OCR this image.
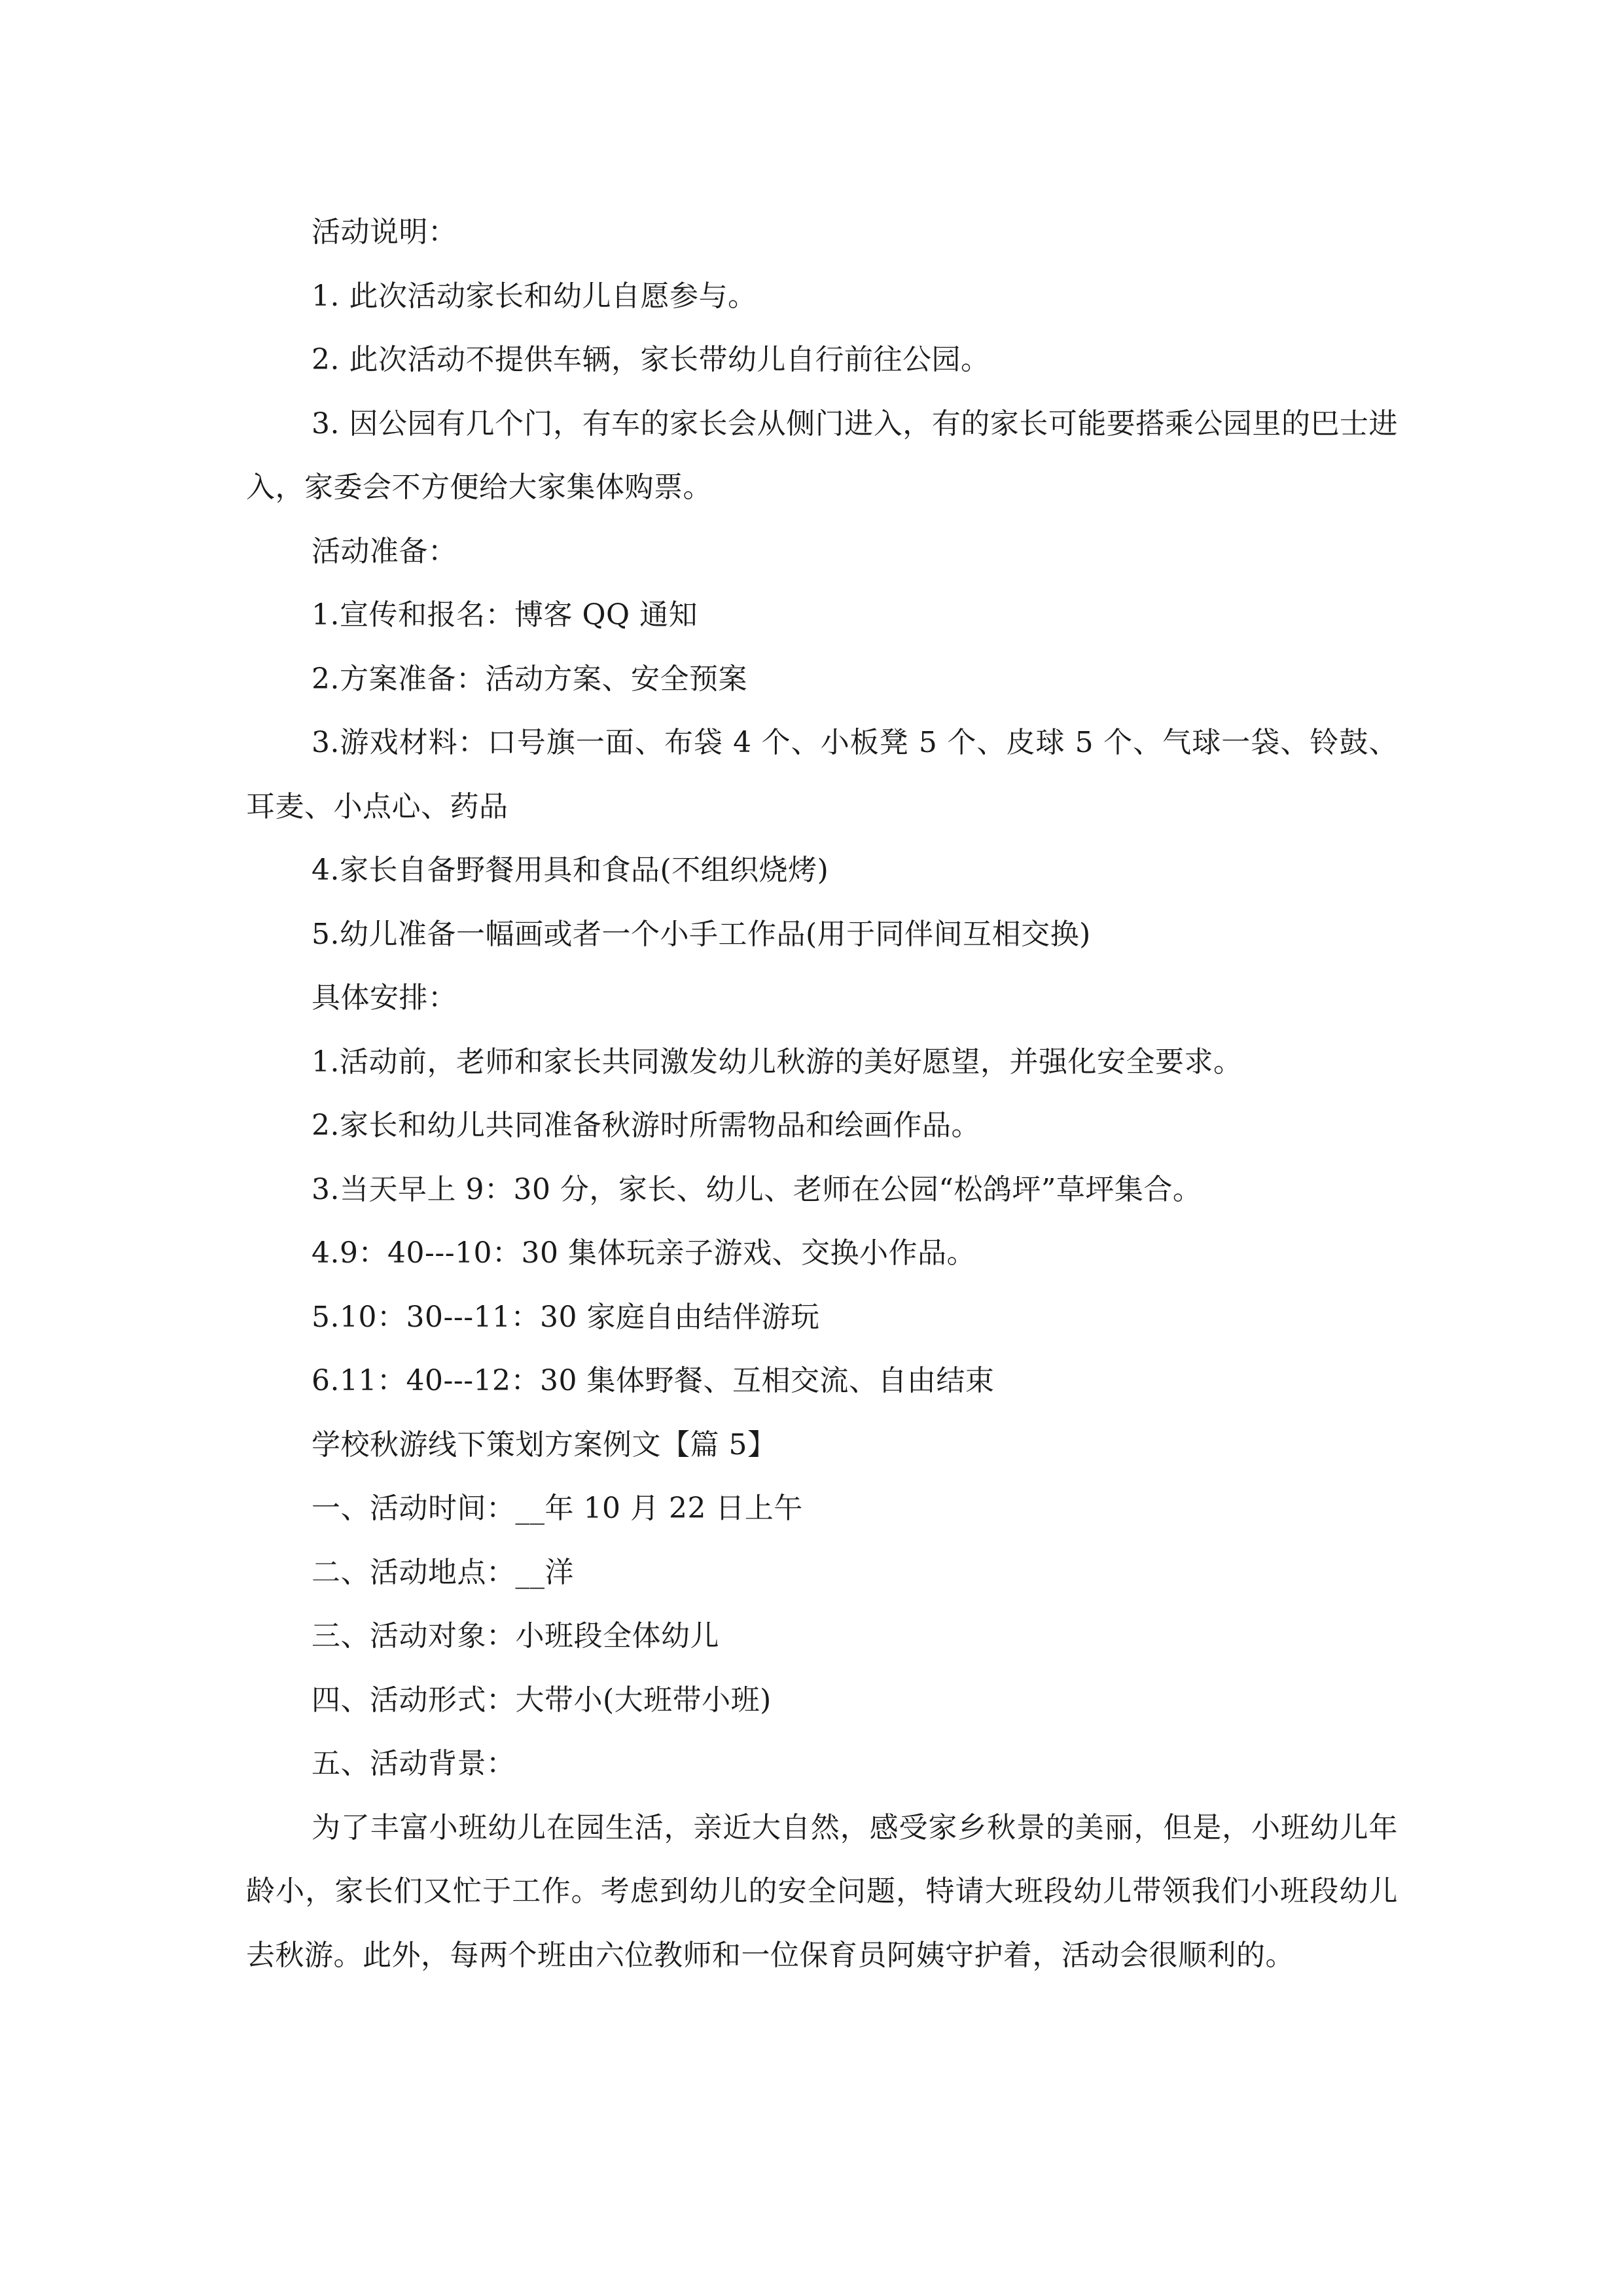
活动说明：
1. 此次活动家长和幼儿自愿参与。
2. 此次活动不提供车辆，家长带幼儿自行前往公园。
3. 因公园有几个门，有车的家长会从侧门进入，有的家长可能要搭乘公园里的巴士进入，家委会不方便给大家集体购票。
活动准备：
1.宣传和报名：博客 QQ 通知
2.方案准备：活动方案、安全预案
3.游戏材料：口号旗一面、布袋 4 个、小板凳 5 个、皮球 5 个、气球一袋、铃鼓、耳麦、小点心、药品
4.家长自备野餐用具和食品(不组织烧烤)
5.幼儿准备一幅画或者一个小手工作品(用于同伴间互相交换)
具体安排：
1.活动前，老师和家长共同激发幼儿秋游的美好愿望，并强化安全要求。
2.家长和幼儿共同准备秋游时所需物品和绘画作品。
3.当天早上 9：30 分，家长、幼儿、老师在公园“松鸽坪”草坪集合。
4.9：40---10：30 集体玩亲子游戏、交换小作品。
5.10：30---11：30 家庭自由结伴游玩
6.11：40---12：30 集体野餐、互相交流、自由结束
学校秋游线下策划方案例文【篇 5】
一、活动时间：__年 10 月 22 日上午
二、活动地点：__洋
三、活动对象：小班段全体幼儿
四、活动形式：大带小(大班带小班)
五、活动背景：
为了丰富小班幼儿在园生活，亲近大自然，感受家乡秋景的美丽，但是，小班幼儿年龄小，家长们又忙于工作。考虑到幼儿的安全问题，特请大班段幼儿带领我们小班段幼儿去秋游。此外，每两个班由六位教师和一位保育员阿姨守护着，活动会很顺利的。
